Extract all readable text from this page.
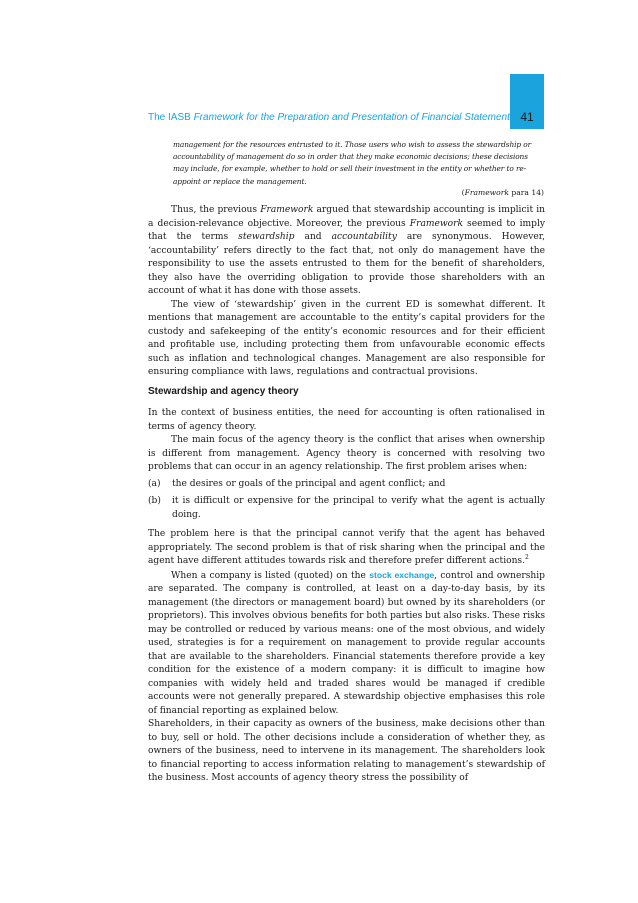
41
The IASB Framework for the Preparation and Presentation of Financial Statements

management for the resources entrusted to it. Those users who wish to assess the stewardship or accountability of management do so in order that they make economic decisions; these decisions may include, for example, whether to hold or sell their investment in the entity or whether to re-appoint or replace the management.

(Framework para 14)

Thus, the previous Framework argued that stewardship accounting is implicit in a decision-relevance objective. Moreover, the previous Framework seemed to imply that the terms stewardship and accountability are synonymous. However, ‘accountability’ refers directly to the fact that, not only do management have the responsibility to use the assets entrusted to them for the benefit of shareholders, they also have the overriding obligation to provide those shareholders with an account of what it has done with those assets.

The view of ‘stewardship’ given in the current ED is somewhat different. It mentions that management are accountable to the entity’s capital providers for the custody and safekeeping of the entity’s economic resources and for their efficient and profitable use, including protecting them from unfavourable economic effects such as inflation and technological changes. Management are also responsible for ensuring compliance with laws, regulations and contractual provisions.

Stewardship and agency theory

In the context of business entities, the need for accounting is often rationalised in terms of agency theory.

The main focus of the agency theory is the conflict that arises when ownership is different from management. Agency theory is concerned with resolving two problems that can occur in an agency relationship. The first problem arises when:

(a)	the desires or goals of the principal and agent conflict; and
(b)	it is difficult or expensive for the principal to verify what the agent is actually doing.

The problem here is that the principal cannot verify that the agent has behaved appropriately. The second problem is that of risk sharing when the principal and the agent have different attitudes towards risk and therefore prefer different actions.$^2$

When a company is listed (quoted) on the stock exchange, control and ownership are separated. The company is controlled, at least on a day-to-day basis, by its management (the directors or management board) but owned by its shareholders (or proprietors). This involves obvious benefits for both parties but also risks. These risks may be controlled or reduced by various means: one of the most obvious, and widely used, strategies is for a requirement on management to provide regular accounts that are available to the shareholders. Financial statements therefore provide a key condition for the existence of a modern company: it is difficult to imagine how companies with widely held and traded shares would be managed if credible accounts were not generally prepared. A stewardship objective emphasises this role of financial reporting as explained below.

Shareholders, in their capacity as owners of the business, make decisions other than to buy, sell or hold. The other decisions include a consideration of whether they, as owners of the business, need to intervene in its management. The shareholders look to financial reporting to access information relating to management’s stewardship of the business. Most accounts of agency theory stress the possibility of
